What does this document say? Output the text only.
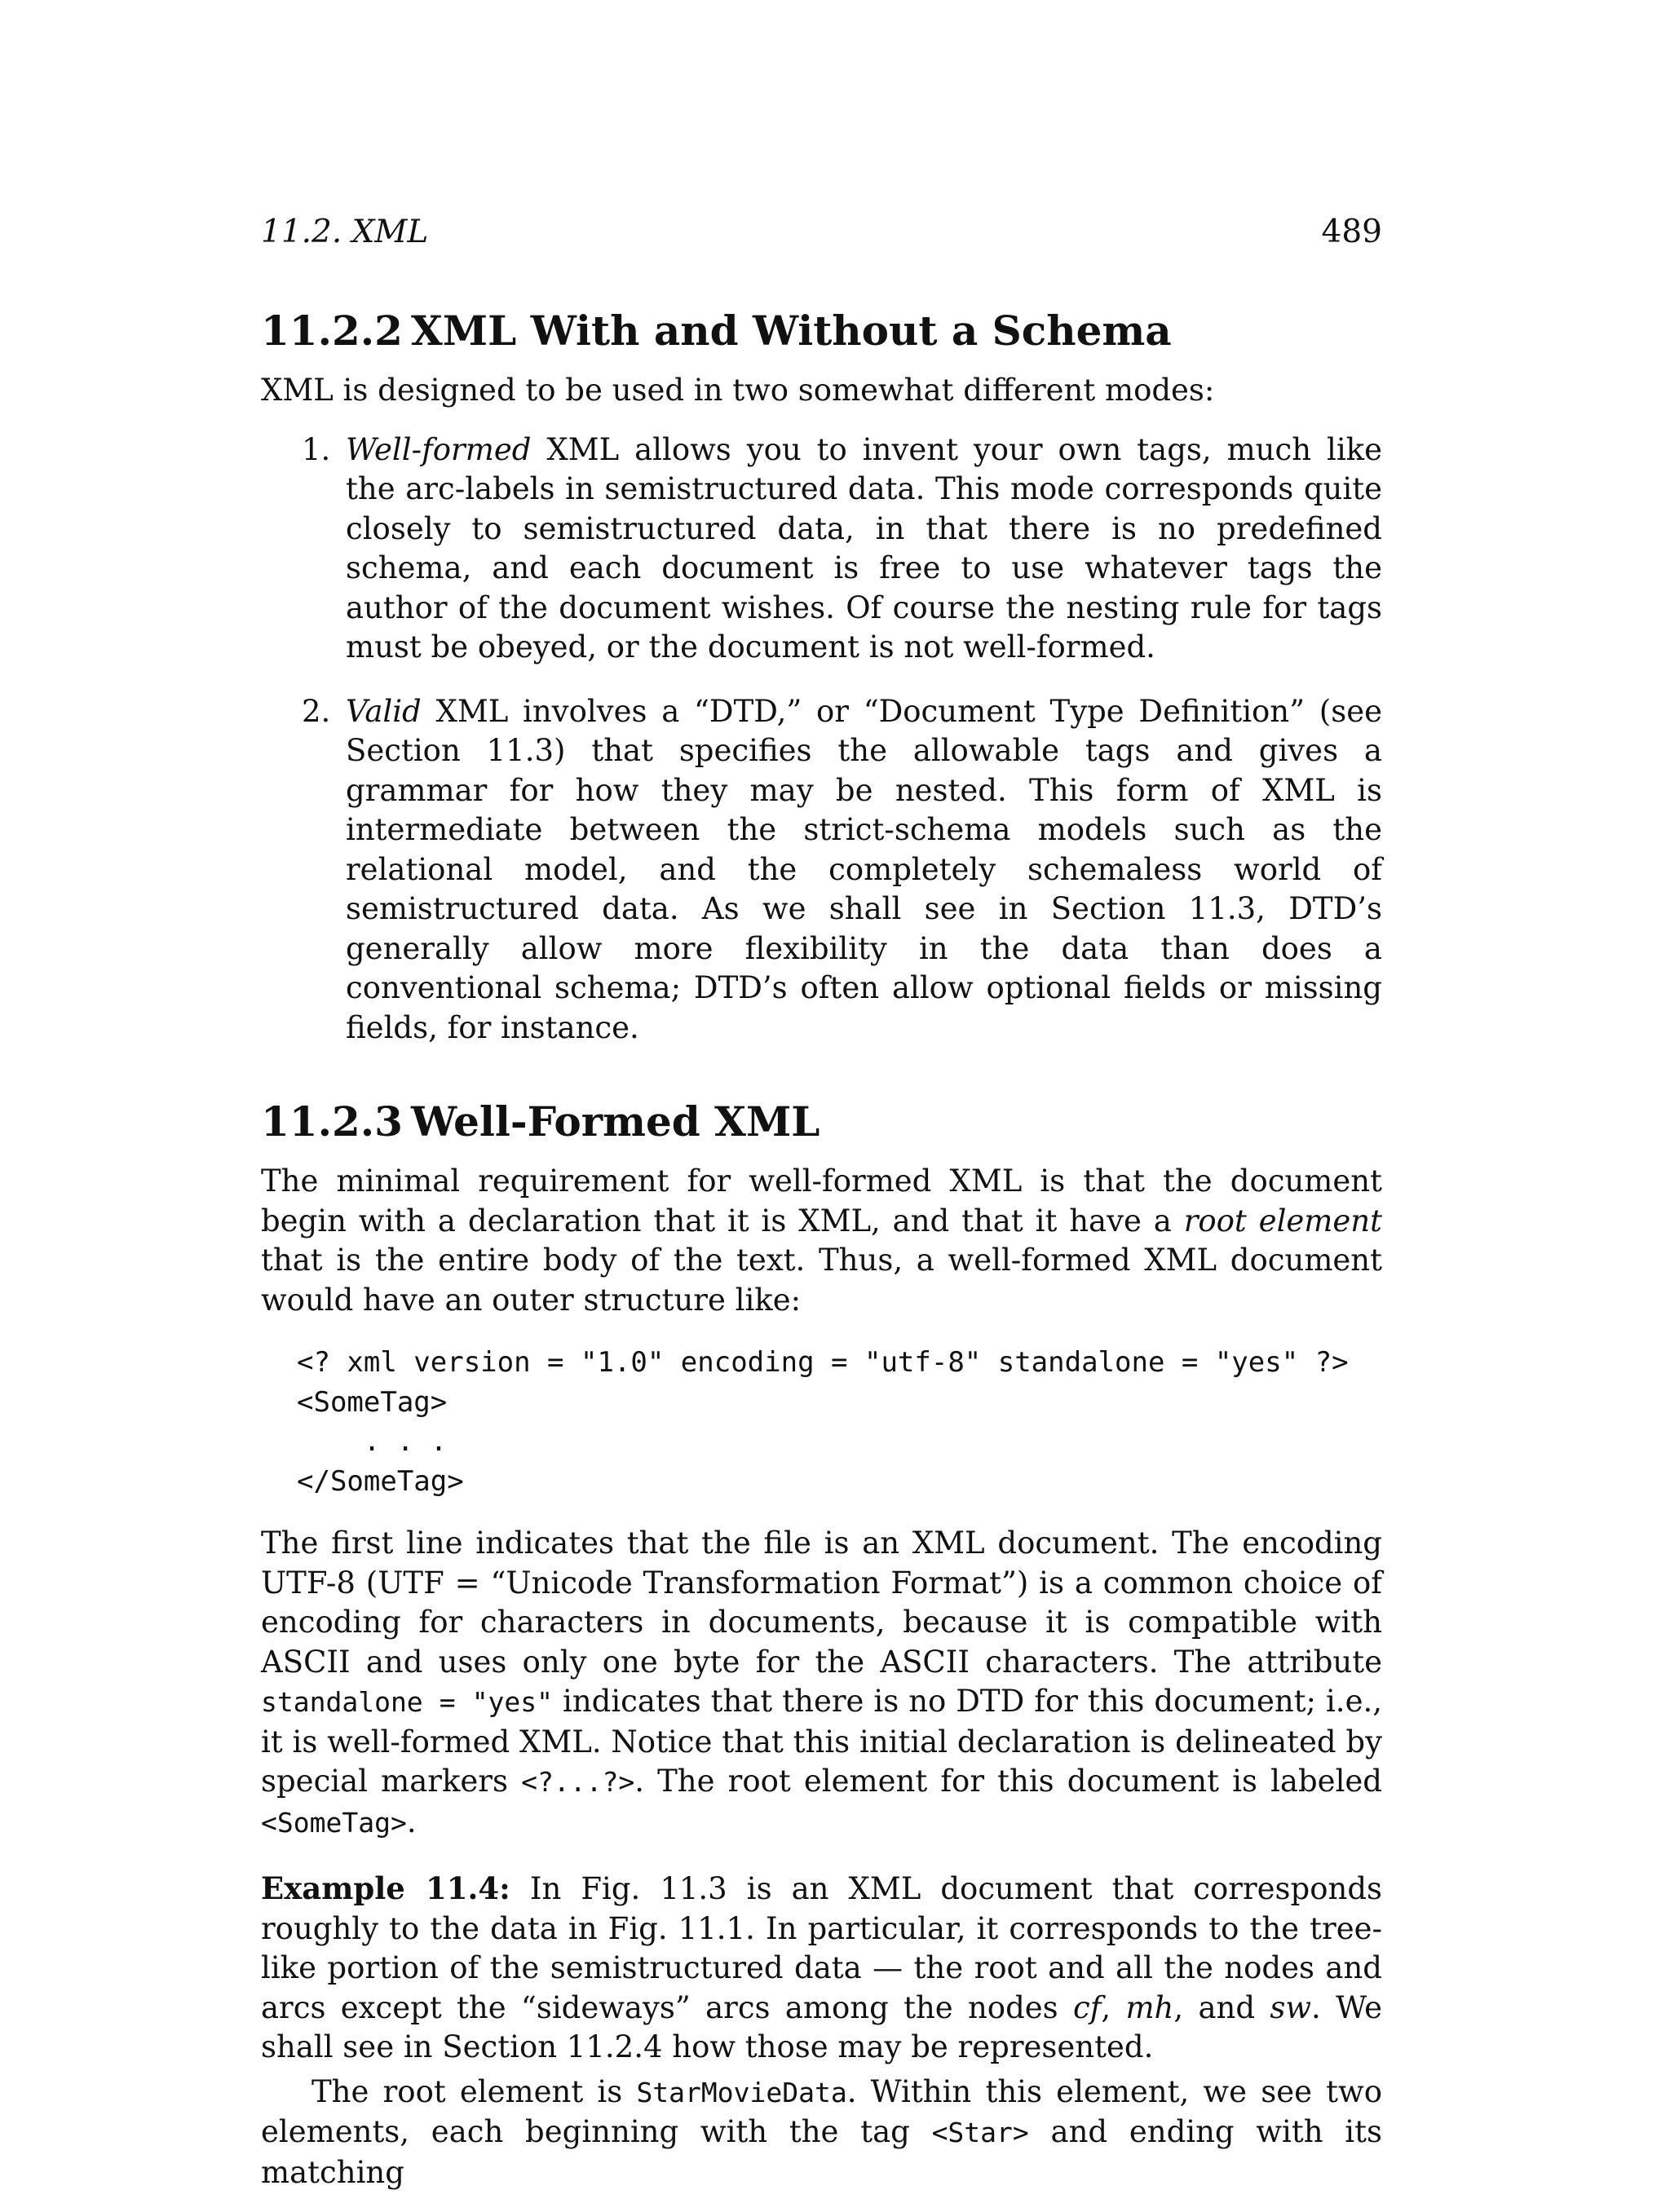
11.2. XML	489
11.2.2 XML With and Without a Schema

XML is designed to be used in two somewhat different modes:

1. Well-formed XML allows you to invent your own tags, much like the arc-labels in semistructured data. This mode corresponds quite closely to semistructured data, in that there is no predefined schema, and each document is free to use whatever tags the author of the document wishes. Of course the nesting rule for tags must be obeyed, or the document is not well-formed.
2. Valid XML involves a “DTD,” or “Document Type Definition” (see Section 11.3) that specifies the allowable tags and gives a grammar for how they may be nested. This form of XML is intermediate between the strict-schema models such as the relational model, and the completely schemaless world of semistructured data. As we shall see in Section 11.3, DTD’s generally allow more flexibility in the data than does a conventional schema; DTD’s often allow optional fields or missing fields, for instance.
11.2.3 Well-Formed XML

The minimal requirement for well-formed XML is that the document begin with a declaration that it is XML, and that it have a root element that is the entire body of the text. Thus, a well-formed XML document would have an outer structure like:

<? xml version = "1.0" encoding = "utf-8" standalone = "yes" ?>
<SomeTag>
. . .
</SomeTag>

The first line indicates that the file is an XML document. The encoding UTF-8 (UTF = “Unicode Transformation Format”) is a common choice of encoding for characters in documents, because it is compatible with ASCII and uses only one byte for the ASCII characters. The attribute standalone = "yes" indicates that there is no DTD for this document; i.e., it is well-formed XML. Notice that this initial declaration is delineated by special markers <?...?>. The root element for this document is labeled <SomeTag>.

Example 11.4: In Fig. 11.3 is an XML document that corresponds roughly to the data in Fig. 11.1. In particular, it corresponds to the tree-like portion of the semistructured data — the root and all the nodes and arcs except the “sideways” arcs among the nodes cf, mh, and sw. We shall see in Section 11.2.4 how those may be represented.

The root element is StarMovieData. Within this element, we see two elements, each beginning with the tag <Star> and ending with its matching
